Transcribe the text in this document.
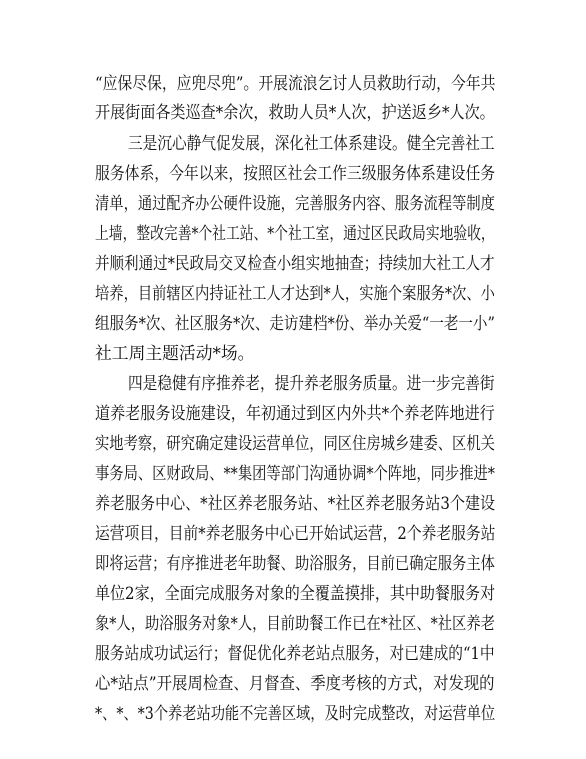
“应保尽保，应兜尽兜”。开展流浪乞讨人员救助行动，今年共
开展街面各类巡查*余次，救助人员*人次，护送返乡*人次。
三是沉心静气促发展，深化社工体系建设。健全完善社工
服务体系，今年以来，按照区社会工作三级服务体系建设任务
清单，通过配齐办公硬件设施，完善服务内容、服务流程等制度
上墙，整改完善*个社工站、*个社工室，通过区民政局实地验收，
并顺利通过*民政局交叉检查小组实地抽查；持续加大社工人才
培养，目前辖区内持证社工人才达到*人，实施个案服务*次、小
组服务*次、社区服务*次、走访建档*份、举办关爱“一老一小”
社工周主题活动*场。
四是稳健有序推养老，提升养老服务质量。进一步完善街
道养老服务设施建设，年初通过到区内外共*个养老阵地进行
实地考察，研究确定建设运营单位，同区住房城乡建委、区机关
事务局、区财政局、**集团等部门沟通协调*个阵地，同步推进*
养老服务中心、*社区养老服务站、*社区养老服务站3个建设
运营项目，目前*养老服务中心已开始试运营，2个养老服务站
即将运营；有序推进老年助餐、助浴服务，目前已确定服务主体
单位2家，全面完成服务对象的全覆盖摸排，其中助餐服务对
象*人，助浴服务对象*人，目前助餐工作已在*社区、*社区养老
服务站成功试运行；督促优化养老站点服务，对已建成的“1中
心*站点”开展周检查、月督查、季度考核的方式，对发现的
*、*、*3个养老站功能不完善区域，及时完成整改，对运营单位
